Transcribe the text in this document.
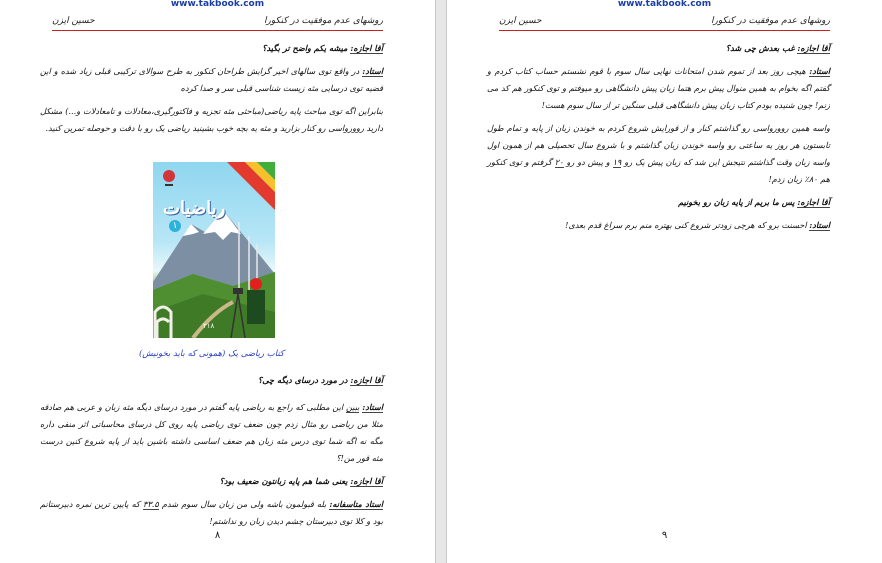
www.takbook.com
روشهای عدم موفقیت در کنکورا
حسین ایزن

آقا اجازه: میشه یکم واضح تر بگید؟

استاد: در واقع توی سالهای اخیر گرایش طراحان کنکور به طرح سوالای ترکیبی قبلی زیاد شده و این قضیه توی درسایی مثه زیست شناسی قبلی سر و صدا کرده

بنابراین اگه توی مباحث پایه ریاضی(مباحثی مثه تجزیه و فاکتورگیری،معادلات و تامعادلات و...) مشکل دارید روورواسی رو کنار بزارید و مثه یه بچه خوب بشینید ریاضی یک رو با دقت و حوصله تمرین کنید.

ریاضیات
۱
۲۱۸
کتاب ریاضی یک (همونی که باید بخونیش)

آقا اجازه: در مورد درسای دیگه چی؟

استاد: ببین این مطلبی که راجع به ریاضی پایه گفتم در مورد درسای دیگه مثه زبان و عربی هم صادقه مثلا من ریاضی رو مثال زدم چون ضعف توی ریاضی پایه روی کل درسای محاسباتی اثر منفی داره مگه نه اگه شما توی درس مثه زبان هم ضعف اساسی داشته باشین باید از پایه شروع کنین درست مثه قور من!؟

آقا اجازه: یعنی شما هم پایه زبانتون ضعیف بود؟

استاد متاسفانه: بله قبولمون باشه ولی من زبان سال سوم شدم ۳۳.۵ که پایین ترین نمره دبیرستانم بود و کلا توی دبیرستان چشم دیدن زبان رو نداشتم!

۸
www.takbook.com
روشهای عدم موفقیت در کنکورا
حسین ایزن

آقا اجازه: غب بعدش چی شد؟

استاد: هیچی روز بعد از تموم شدن امتحانات نهایی سال سوم با قوم نشستم حساب کتاب کردم و گفتم اگه بخوام به همین منوال پیش برم هتما زبان پیش دانشگاهی رو میوفتم و توی کنکور هم کد می زنم! چون شنیده بودم کتاب زبان پیش دانشگاهی قبلی سنگین تر از سال سوم هست!

واسه همین روورواسی رو گذاشتم کنار و از قورایش شروع کردم به خوندن زبان از پایه و تمام طول تابستون هر روز یه ساعتی رو واسه خوندن زبان گذاشتم و با شروع سال تحصیلی هم از همون اول واسه زبان وقت گذاشتم نتیجش این شد که زبان پیش یک رو ۱۹ و پیش دو رو ۲۰ گرفتم و توی کنکور هم ۸۰٪ زبان زدم!

آقا اجازه: پس ما بریم از پایه زبان رو بخونیم

استاد: احسنت برو که هرچی زودتر شروع کنی بهتره منم برم سراغ قدم بعدی!

۹
